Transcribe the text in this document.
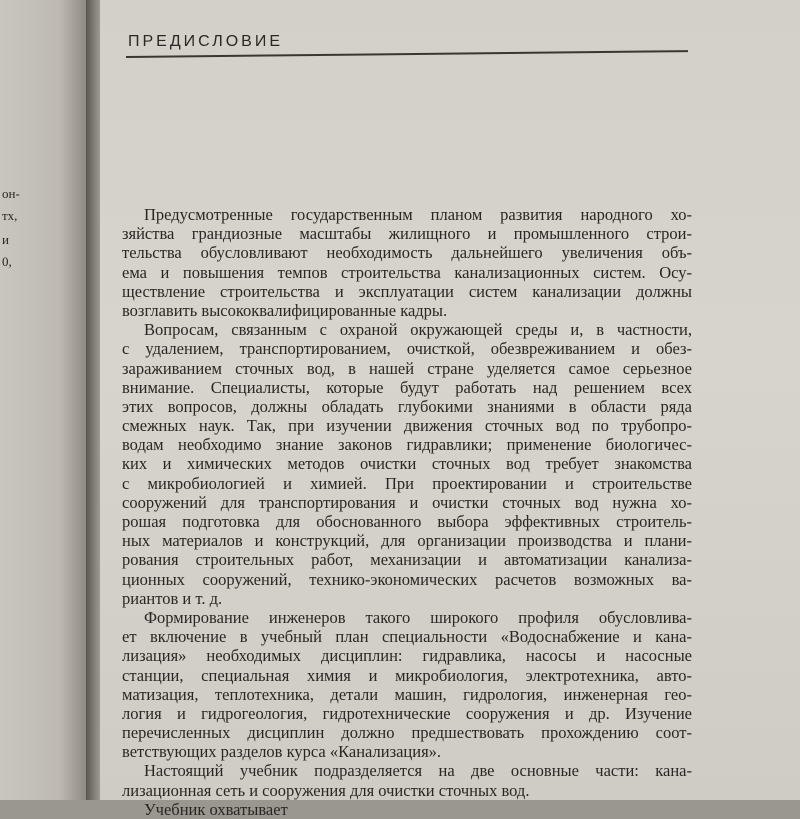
он-
тх,
и
0,
ПРЕДИСЛОВИЕ
Предусмотренные государственным планом развития народного хо-
зяйства грандиозные масштабы жилищного и промышленного строи-
тельства обусловливают необходимость дальнейшего увеличения объ-
ема и повышения темпов строительства канализационных систем. Осу-
ществление строительства и эксплуатации систем канализации должны
возглавить высококвалифицированные кадры.
Вопросам, связанным с охраной окружающей среды и, в частности,
с удалением, транспортированием, очисткой, обезвреживанием и обез-
зараживанием сточных вод, в нашей стране уделяется самое серьезное
внимание. Специалисты, которые будут работать над решением всех
этих вопросов, должны обладать глубокими знаниями в области ряда
смежных наук. Так, при изучении движения сточных вод по трубопро-
водам необходимо знание законов гидравлики; применение биологичес-
ких и химических методов очистки сточных вод требует знакомства
с микробиологией и химией. При проектировании и строительстве
сооружений для транспортирования и очистки сточных вод нужна хо-
рошая подготовка для обоснованного выбора эффективных строитель-
ных материалов и конструкций, для организации производства и плани-
рования строительных работ, механизации и автоматизации канализа-
ционных сооружений, технико-экономических расчетов возможных ва-
риантов и т. д.
Формирование инженеров такого широкого профиля обусловлива-
ет включение в учебный план специальности «Водоснабжение и кана-
лизация» необходимых дисциплин: гидравлика, насосы и насосные
станции, специальная химия и микробиология, электротехника, авто-
матизация, теплотехника, детали машин, гидрология, инженерная гео-
логия и гидрогеология, гидротехнические сооружения и др. Изучение
перечисленных дисциплин должно предшествовать прохождению соот-
ветствующих разделов курса «Канализация».
Настоящий учебник подразделяется на две основные части: кана-
лизационная сеть и сооружения для очистки сточных вод.
Учебник охватывает
